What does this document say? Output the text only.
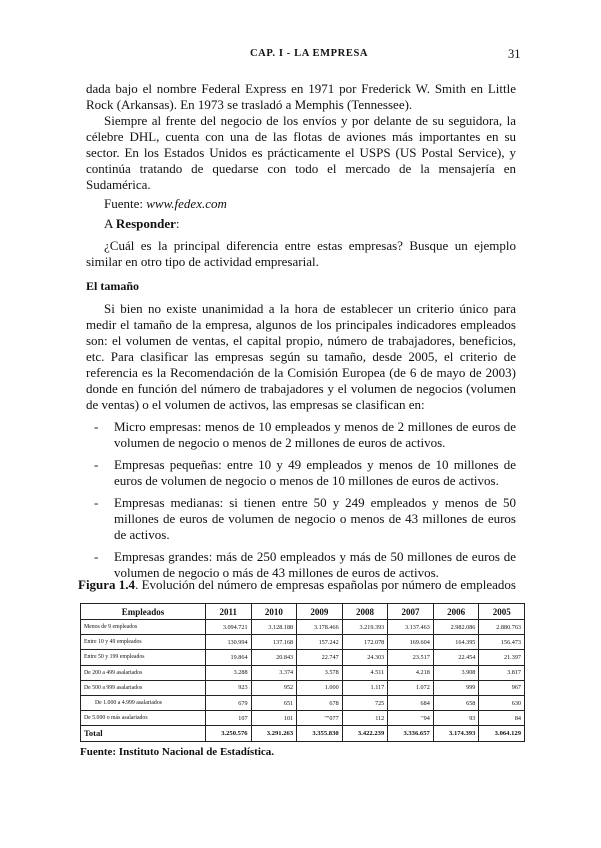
CAP. I - LA EMPRESA	31

dada bajo el nombre Federal Express en 1971 por Frederick W. Smith en Little Rock (Arkansas). En 1973 se trasladó a Memphis (Tennessee).

Siempre al frente del negocio de los envíos y por delante de su seguidora, la célebre DHL, cuenta con una de las flotas de aviones más importantes en su sector. En los Estados Unidos es prácticamente el USPS (US Postal Service), y continúa tratando de quedarse con todo el mercado de la mensajería en Sudamérica.

Fuente: www.fedex.com

A Responder:

¿Cuál es la principal diferencia entre estas empresas? Busque un ejemplo similar en otro tipo de actividad empresarial.

El tamaño

Si bien no existe unanimidad a la hora de establecer un criterio único para medir el tamaño de la empresa, algunos de los principales indicadores empleados son: el volumen de ventas, el capital propio, número de trabajadores, beneficios, etc. Para clasificar las empresas según su tamaño, desde 2005, el criterio de referencia es la Recomendación de la Comisión Europea (de 6 de mayo de 2003) donde en función del número de trabajadores y el volumen de negocios (volumen de ventas) o el volumen de activos, las empresas se clasifican en:

- Micro empresas: menos de 10 empleados y menos de 2 millones de euros de volumen de negocio o menos de 2 millones de euros de activos.
- Empresas pequeñas: entre 10 y 49 empleados y menos de 10 millones de euros de volumen de negocio o menos de 10 millones de euros de activos.
- Empresas medianas: si tienen entre 50 y 249 empleados y menos de 50 millones de euros de volumen de negocio o menos de 43 millones de euros de activos.
- Empresas grandes: más de 250 empleados y más de 50 millones de euros de volumen de negocio o más de 43 millones de euros de activos.
Figura 1.4. Evolución del número de empresas españolas por número de empleados
Empleados	2011	2010	2009	2008	2007	2006	2005
Menos de 9 empleados	3.094.721	3.128.188	3.178.466	3.219.393	3.137.463	2.982.086	2.880.763
Entre 10 y 49 empleados	130.994	137.168	157.242	172.078	169.604	164.395	156.473
Entre 50 y 199 empleados	19.864	20.843	22.747	24.303	23.517	22.454	21.397
De 200 a 499 asalariados	3.288	3.374	3.578	4.511	4.218	3.908	3.817
De 500 a 999 asalariados	923	952	1.000	1.117	1.072	999	967
De 1.000 a 4.999 asalariados	679	651	678	725	684	658	630
De 5.000 o más asalariados	107	101	""077	112	"94	93	84
Total	3.250.576	3.291.263	3.355.830	3.422.239	3.336.657	3.174.393	3.064.129
Fuente: Instituto Nacional de Estadística.
